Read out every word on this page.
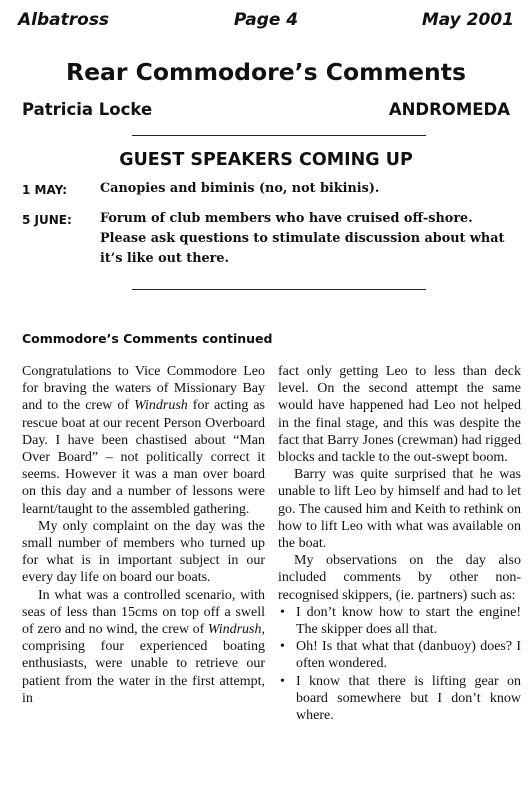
Albatross	Page 4	May 2001
Rear Commodore’s Comments
Patricia Locke	ANDROMEDA
GUEST SPEAKERS COMING UP
1 MAY:	Canopies and biminis (no, not bikinis).
5 JUNE:	Forum of club members who have cruised off-shore. Please ask questions to stimulate discussion about what it’s like out there.
Commodore’s Comments continued

Congratulations to Vice Commodore Leo for braving the waters of Missionary Bay and to the crew of Windrush for acting as rescue boat at our recent Person Overboard Day. I have been chastised about “Man Over Board” – not politically correct it seems. However it was a man over board on this day and a number of lessons were learnt/taught to the assembled gathering.

My only complaint on the day was the small number of members who turned up for what is in important subject in our every day life on board our boats.

In what was a controlled scenario, with seas of less than 15cms on top off a swell of zero and no wind, the crew of Windrush, comprising four experienced boating enthusiasts, were unable to retrieve our patient from the water in the first attempt, in

fact only getting Leo to less than deck level. On the second attempt the same would have happened had Leo not helped in the final stage, and this was despite the fact that Barry Jones (crewman) had rigged blocks and tackle to the out-swept boom.

Barry was quite surprised that he was unable to lift Leo by himself and had to let go. The caused him and Keith to rethink on how to lift Leo with what was available on the boat.

My observations on the day also included comments by other non-recognised skippers, (ie. partners) such as:

• I don’t know how to start the engine! The skipper does all that.
• Oh! Is that what that (danbuoy) does? I often wondered.
• I know that there is lifting gear on board somewhere but I don’t know where.
